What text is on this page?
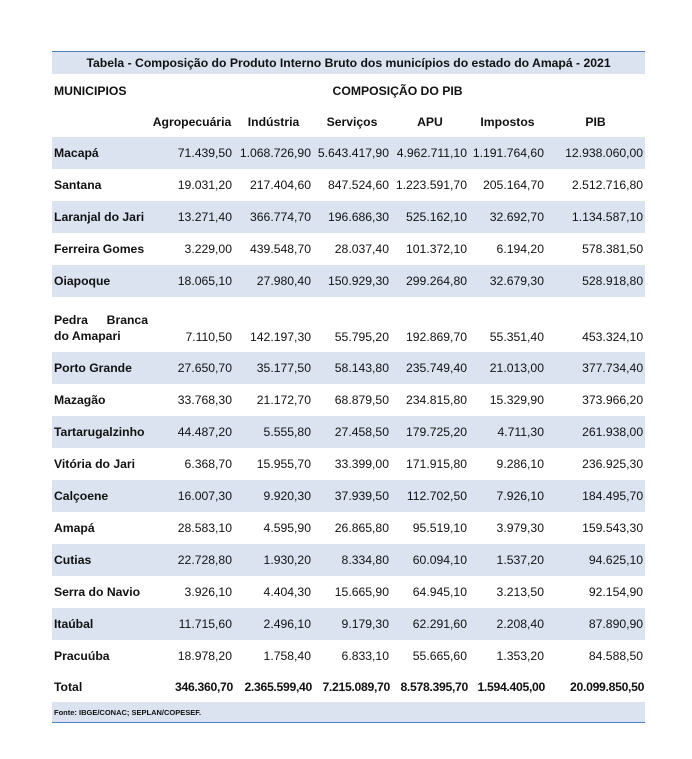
Tabela - Composição do Produto Interno Bruto dos municípios do estado do Amapá - 2021						
MUNICIPIOS	COMPOSIÇÃO DO PIB					
	Agropecuária	Indústria	Serviços	APU	Impostos	PIB
Macapá	71.439,50	1.068.726,90	5.643.417,90	4.962.711,10	1.191.764,60	12.938.060,00
Santana	19.031,20	217.404,60	847.524,60	1.223.591,70	205.164,70	2.512.716,80
Laranjal do Jari	13.271,40	366.774,70	196.686,30	525.162,10	32.692,70	1.134.587,10
Ferreira Gomes	3.229,00	439.548,70	28.037,40	101.372,10	6.194,20	578.381,50
Oiapoque	18.065,10	27.980,40	150.929,30	299.264,80	32.679,30	528.918,80
Pedra Branca do Amapari	7.110,50	142.197,30	55.795,20	192.869,70	55.351,40	453.324,10
Porto Grande	27.650,70	35.177,50	58.143,80	235.749,40	21.013,00	377.734,40
Mazagão	33.768,30	21.172,70	68.879,50	234.815,80	15.329,90	373.966,20
Tartarugalzinho	44.487,20	5.555,80	27.458,50	179.725,20	4.711,30	261.938,00
Vitória do Jari	6.368,70	15.955,70	33.399,00	171.915,80	9.286,10	236.925,30
Calçoene	16.007,30	9.920,30	37.939,50	112.702,50	7.926,10	184.495,70
Amapá	28.583,10	4.595,90	26.865,80	95.519,10	3.979,30	159.543,30
Cutias	22.728,80	1.930,20	8.334,80	60.094,10	1.537,20	94.625,10
Serra do Navio	3.926,10	4.404,30	15.665,90	64.945,10	3.213,50	92.154,90
Itaúbal	11.715,60	2.496,10	9.179,30	62.291,60	2.208,40	87.890,90
Pracuúba	18.978,20	1.758,40	6.833,10	55.665,60	1.353,20	84.588,50
Total	346.360,70	2.365.599,40	7.215.089,70	8.578.395,70	1.594.405,00	20.099.850,50
Fonte: IBGE/CONAC; SEPLAN/COPESEF.						
